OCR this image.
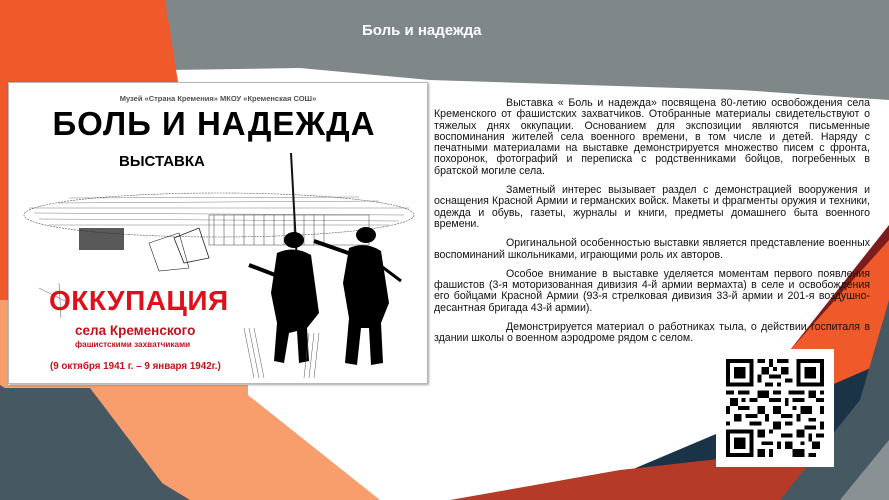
Боль и надежда
Музей «Страна Кремения» МКОУ «Кременская СОШ»
БОЛЬ И НАДЕЖДА
ВЫСТАВКА
ОККУПАЦИЯ
села Кременского
фашистскими захватчиками
(9 октября 1941 г. – 9 января 1942г.)

Выставка « Боль и надежда» посвящена 80-летию освобождения села Кременского от фашистских захватчиков. Отобранные материалы свидетельствуют о тяжелых днях оккупации. Основанием для экспозиции являются письменные воспоминания жителей села военного времени, в том числе и детей. Наряду с печатными материалами на выставке демонстрируется множество писем с фронта, похоронок, фотографий и переписка с родственниками бойцов, погребенных в братской могиле села.

Заметный интерес вызывает раздел с демонстрацией вооружения и оснащения Красной Армии и германских войск. Макеты и фрагменты оружия и техники, одежда и обувь, газеты, журналы и книги, предметы домашнего быта военного времени.

Оригинальной особенностью выставки является представление военных воспоминаний школьниками, играющими роль их авторов.

Особое внимание в выставке уделяется моментам первого появления фашистов (3-я моторизованная дивизия 4-й армии вермахта) в селе и освобождения его бойцами Красной Армии (93-я стрелковая дивизия 33-й армии и 201-я воздушно-десантная бригада 43-й армии).

Демонстрируется материал о работниках тыла, о действии госпиталя в здании школы о военном аэродроме рядом с селом.
